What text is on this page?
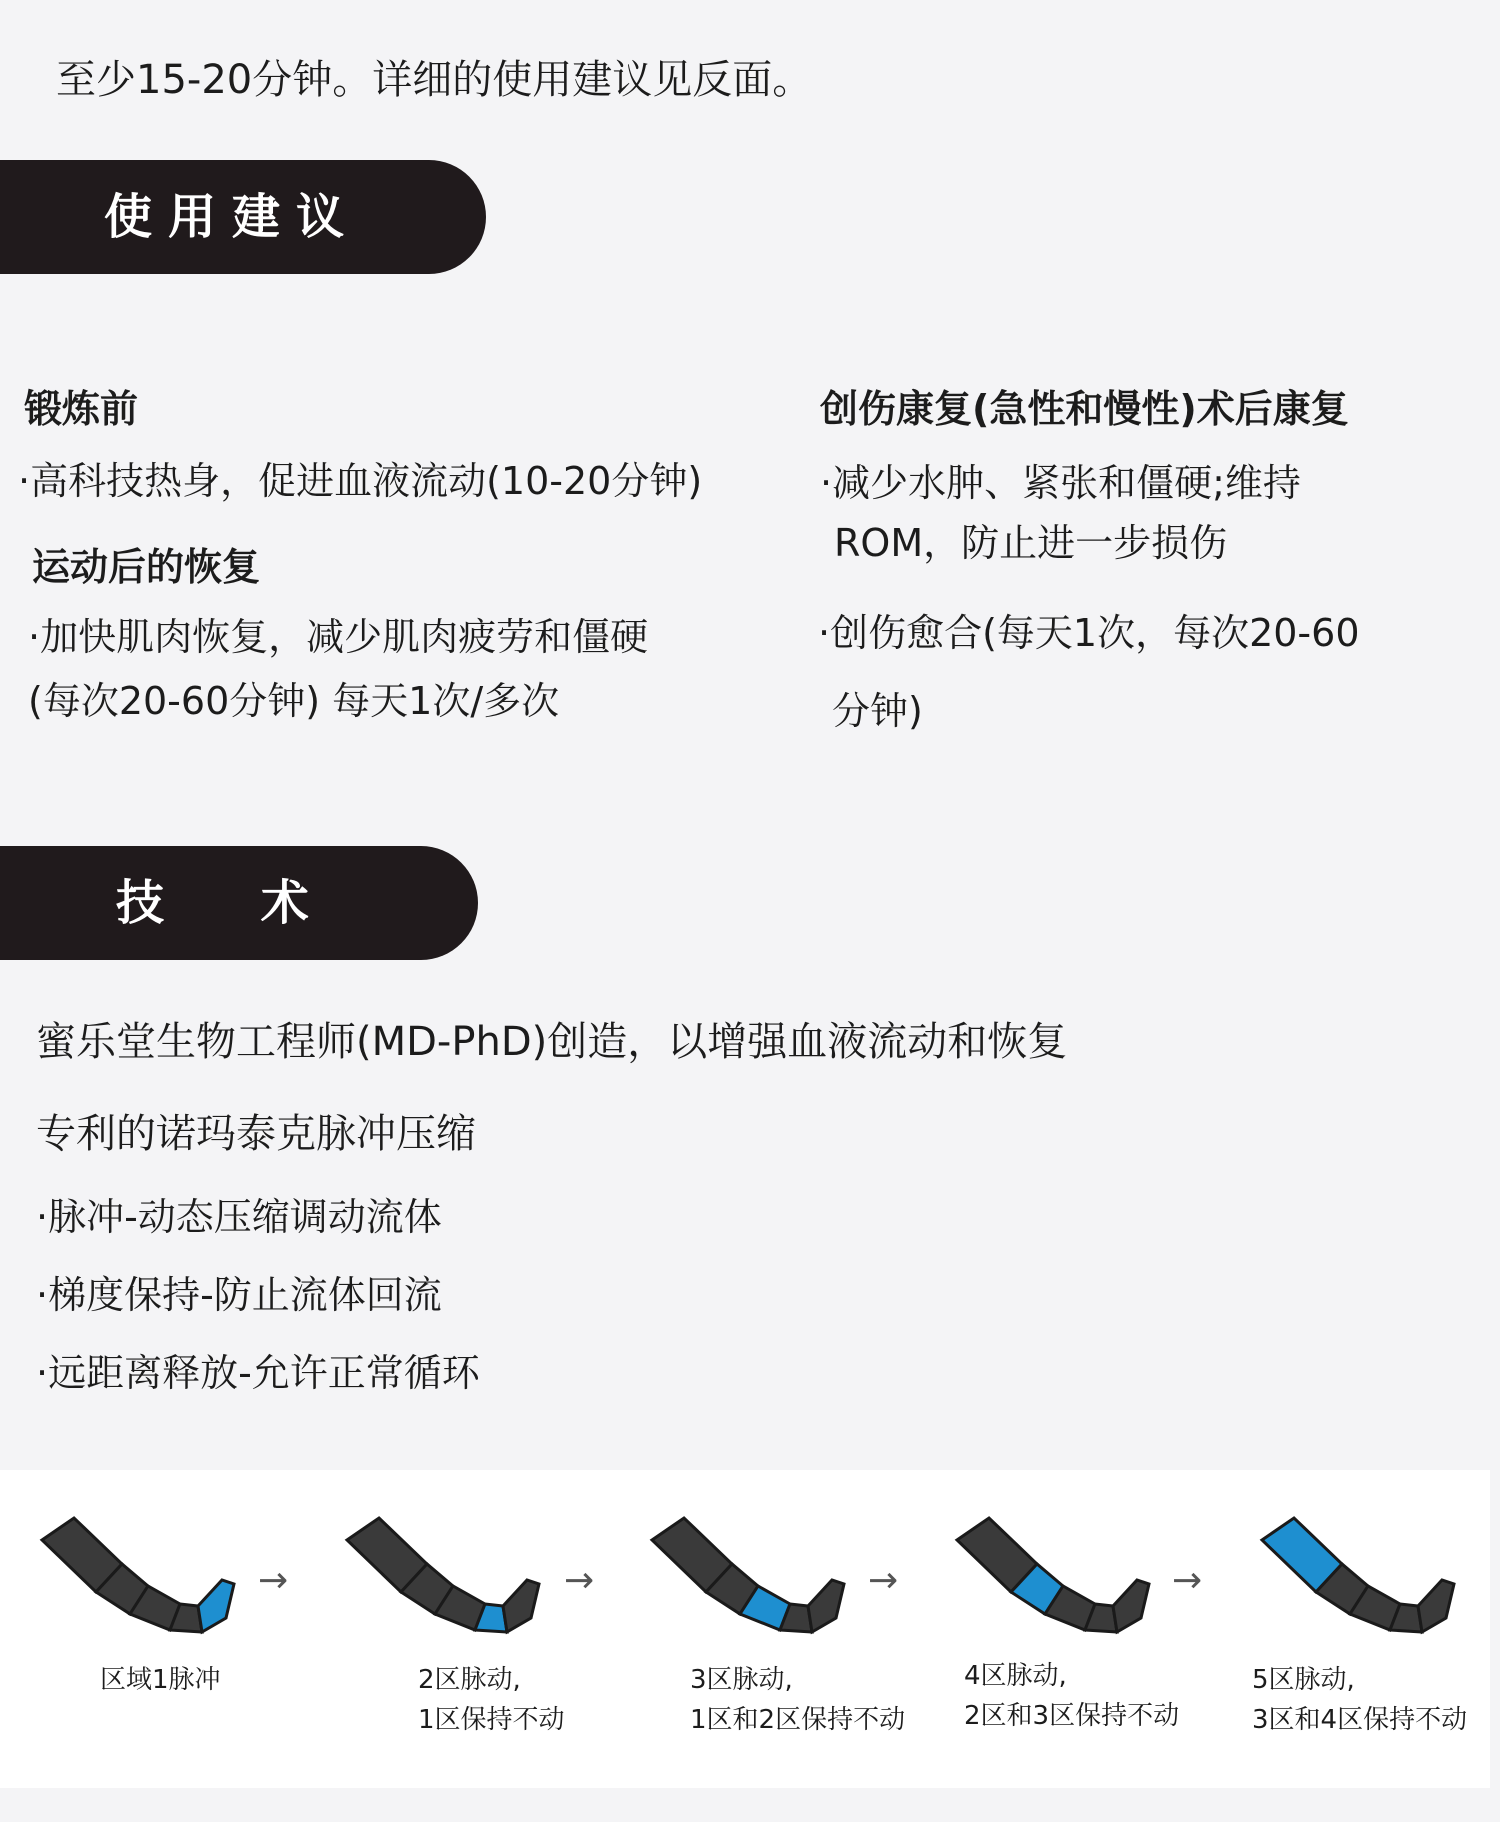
至少15-20分钟。详细的使用建议见反面。
使用建议
锻炼前
·高科技热身，促进血液流动(10-20分钟)
运动后的恢复
·加快肌肉恢复，减少肌肉疲劳和僵硬
(每次20-60分钟) 每天1次/多次
创伤康复(急性和慢性)术后康复
·减少水肿、紧张和僵硬;维持
ROM，防止进一步损伤
·创伤愈合(每天1次，每次20-60
分钟)
技 术
蜜乐堂生物工程师(MD-PhD)创造，以增强血液流动和恢复
专利的诺玛泰克脉冲压缩
·脉冲-动态压缩调动流体
·梯度保持-防止流体回流
·远距离释放-允许正常循环
→	→	→	→
区域1脉冲	2区脉动,
1区保持不动
3区脉动,
1区和2区保持不动
4区脉动,
2区和3区保持不动
5区脉动,
3区和4区保持不动
